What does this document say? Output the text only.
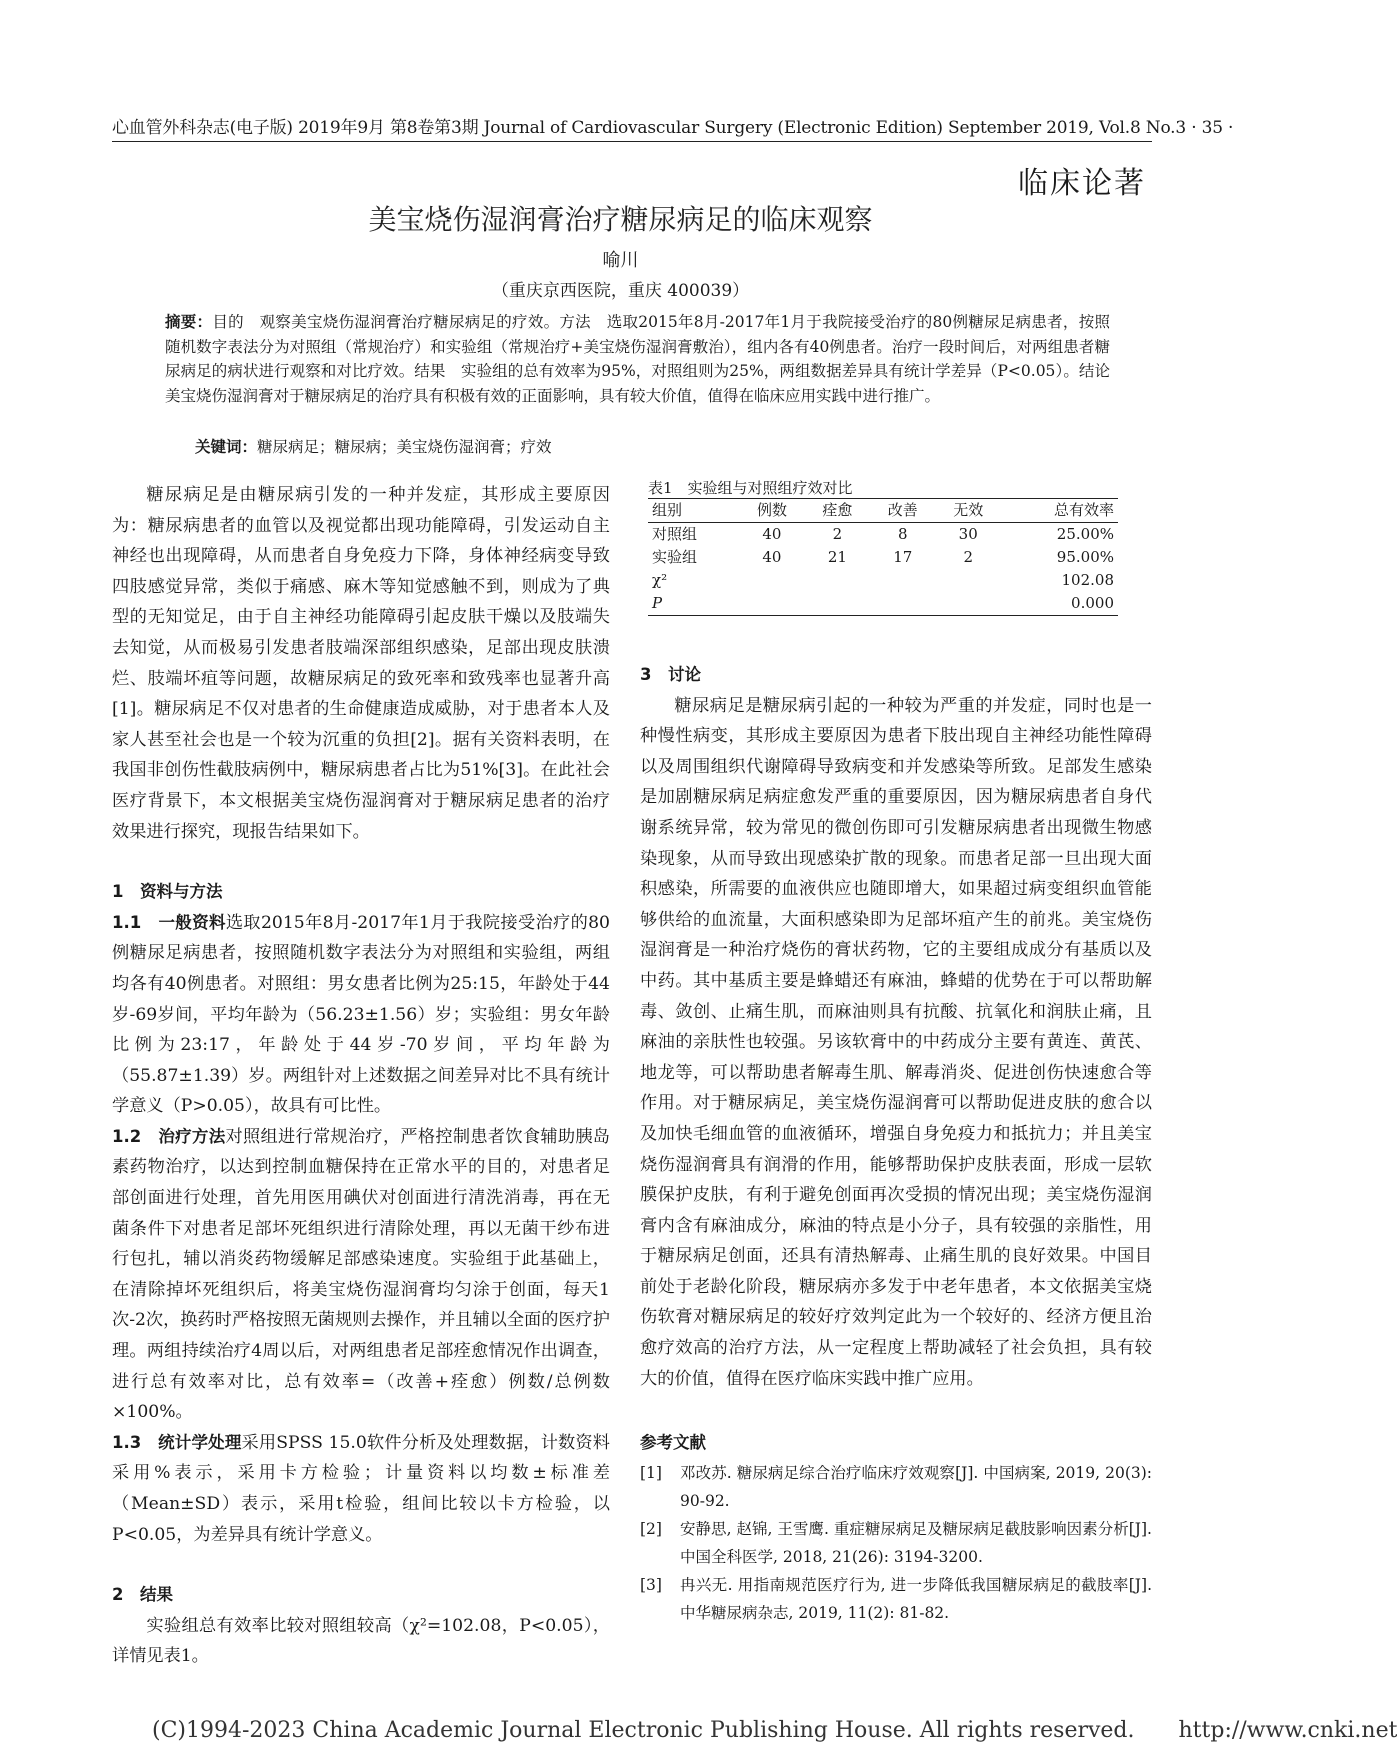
心血管外科杂志(电子版) 2019年9月 第8卷第3期 Journal of Cardiovascular Surgery (Electronic Edition) September 2019, Vol.8 No.3 · 35 ·
临床论著
美宝烧伤湿润膏治疗糖尿病足的临床观察
喻川
（重庆京西医院，重庆 400039）
摘要：目的　观察美宝烧伤湿润膏治疗糖尿病足的疗效。方法　选取2015年8月-2017年1月于我院接受治疗的80例糖尿足病患者，按照随机数字表法分为对照组（常规治疗）和实验组（常规治疗+美宝烧伤湿润膏敷治），组内各有40例患者。治疗一段时间后，对两组患者糖尿病足的病状进行观察和对比疗效。结果　实验组的总有效率为95%，对照组则为25%，两组数据差异具有统计学差异（P<0.05）。结论　美宝烧伤湿润膏对于糖尿病足的治疗具有积极有效的正面影响，具有较大价值，值得在临床应用实践中进行推广。
关键词：糖尿病足；糖尿病；美宝烧伤湿润膏；疗效

糖尿病足是由糖尿病引发的一种并发症，其形成主要原因为：糖尿病患者的血管以及视觉都出现功能障碍，引发运动自主神经也出现障碍，从而患者自身免疫力下降，身体神经病变导致四肢感觉异常，类似于痛感、麻木等知觉感触不到，则成为了典型的无知觉足，由于自主神经功能障碍引起皮肤干燥以及肢端失去知觉，从而极易引发患者肢端深部组织感染，足部出现皮肤溃烂、肢端坏疽等问题，故糖尿病足的致死率和致残率也显著升高[1]。糖尿病足不仅对患者的生命健康造成威胁，对于患者本人及家人甚至社会也是一个较为沉重的负担[2]。据有关资料表明，在我国非创伤性截肢病例中，糖尿病患者占比为51%[3]。在此社会医疗背景下，本文根据美宝烧伤湿润膏对于糖尿病足患者的治疗效果进行探究，现报告结果如下。

1　资料与方法

1.1　一般资料选取2015年8月-2017年1月于我院接受治疗的80例糖尿足病患者，按照随机数字表法分为对照组和实验组，两组均各有40例患者。对照组：男女患者比例为25:15，年龄处于44岁-69岁间，平均年龄为（56.23±1.56）岁；实验组：男女年龄比例为23:17，年龄处于44岁-70岁间，平均年龄为（55.87±1.39）岁。两组针对上述数据之间差异对比不具有统计学意义（P>0.05），故具有可比性。

1.2　治疗方法对照组进行常规治疗，严格控制患者饮食辅助胰岛素药物治疗，以达到控制血糖保持在正常水平的目的，对患者足部创面进行处理，首先用医用碘伏对创面进行清洗消毒，再在无菌条件下对患者足部坏死组织进行清除处理，再以无菌干纱布进行包扎，辅以消炎药物缓解足部感染速度。实验组于此基础上，在清除掉坏死组织后，将美宝烧伤湿润膏均匀涂于创面，每天1次-2次，换药时严格按照无菌规则去操作，并且辅以全面的医疗护理。两组持续治疗4周以后，对两组患者足部痊愈情况作出调查，进行总有效率对比，总有效率=（改善+痊愈）例数/总例数×100%。

1.3　统计学处理采用SPSS 15.0软件分析及处理数据，计数资料采用%表示，采用卡方检验；计量资料以均数±标准差（Mean±SD）表示，采用t检验，组间比较以卡方检验，以P<0.05，为差异具有统计学意义。

2　结果

实验组总有效率比较对照组较高（χ²=102.08，P<0.05），详情见表1。

表1　实验组与对照组疗效对比
组别	例数	痊愈	改善	无效	总有效率
对照组	40	2	8	30	25.00%
实验组	40	21	17	2	95.00%
χ²					102.08
P					0.000

3　讨论

糖尿病足是糖尿病引起的一种较为严重的并发症，同时也是一种慢性病变，其形成主要原因为患者下肢出现自主神经功能性障碍以及周围组织代谢障碍导致病变和并发感染等所致。足部发生感染是加剧糖尿病足病症愈发严重的重要原因，因为糖尿病患者自身代谢系统异常，较为常见的微创伤即可引发糖尿病患者出现微生物感染现象，从而导致出现感染扩散的现象。而患者足部一旦出现大面积感染，所需要的血液供应也随即增大，如果超过病变组织血管能够供给的血流量，大面积感染即为足部坏疽产生的前兆。美宝烧伤湿润膏是一种治疗烧伤的膏状药物，它的主要组成成分有基质以及中药。其中基质主要是蜂蜡还有麻油，蜂蜡的优势在于可以帮助解毒、敛创、止痛生肌，而麻油则具有抗酸、抗氧化和润肤止痛，且麻油的亲肤性也较强。另该软膏中的中药成分主要有黄连、黄芪、地龙等，可以帮助患者解毒生肌、解毒消炎、促进创伤快速愈合等作用。对于糖尿病足，美宝烧伤湿润膏可以帮助促进皮肤的愈合以及加快毛细血管的血液循环，增强自身免疫力和抵抗力；并且美宝烧伤湿润膏具有润滑的作用，能够帮助保护皮肤表面，形成一层软膜保护皮肤，有利于避免创面再次受损的情况出现；美宝烧伤湿润膏内含有麻油成分，麻油的特点是小分子，具有较强的亲脂性，用于糖尿病足创面，还具有清热解毒、止痛生肌的良好效果。中国目前处于老龄化阶段，糖尿病亦多发于中老年患者，本文依据美宝烧伤软膏对糖尿病足的较好疗效判定此为一个较好的、经济方便且治愈疗效高的治疗方法，从一定程度上帮助减轻了社会负担，具有较大的价值，值得在医疗临床实践中推广应用。

参考文献

[1]	邓改苏. 糖尿病足综合治疗临床疗效观察[J]. 中国病案, 2019, 20(3): 90-92.

[2]	安静思, 赵锦, 王雪鹰. 重症糖尿病足及糖尿病足截肢影响因素分析[J]. 中国全科医学, 2018, 21(26): 3194-3200.

[3]	冉兴无. 用指南规范医疗行为, 进一步降低我国糖尿病足的截肢率[J]. 中华糖尿病杂志, 2019, 11(2): 81-82.

(C)1994-2023 China Academic Journal Electronic Publishing House. All rights reserved.　　http://www.cnki.net
